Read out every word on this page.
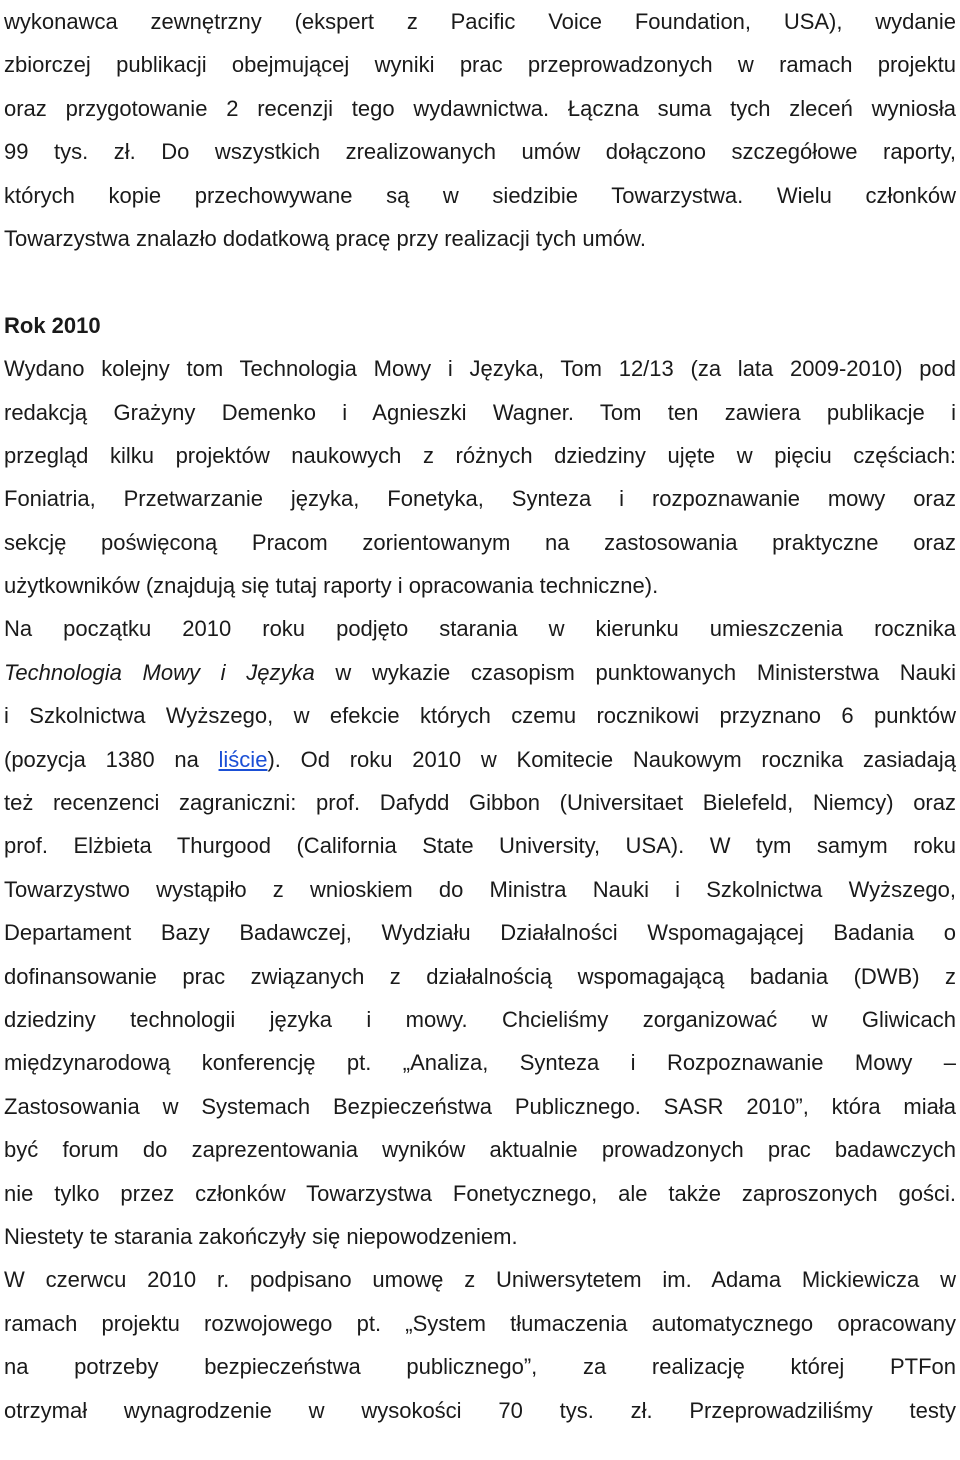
wykonawca zewnętrzny (ekspert z Pacific Voice Foundation, USA), wydanie
zbiorczej publikacji obejmującej wyniki prac przeprowadzonych w ramach projektu
oraz przygotowanie 2 recenzji tego wydawnictwa. Łączna suma tych zleceń wyniosła
99 tys. zł. Do wszystkich zrealizowanych umów dołączono szczegółowe raporty,
których kopie przechowywane są w siedzibie Towarzystwa. Wielu członków
Towarzystwa znalazło dodatkową pracę przy realizacji tych umów.
Rok 2010
Wydano kolejny tom Technologia Mowy i Języka, Tom 12/13 (za lata 2009-2010) pod
redakcją Grażyny Demenko i Agnieszki Wagner. Tom ten zawiera publikacje i
przegląd kilku projektów naukowych z różnych dziedziny ujęte w pięciu częściach:
Foniatria, Przetwarzanie języka, Fonetyka, Synteza i rozpoznawanie mowy oraz
sekcję poświęconą Pracom zorientowanym na zastosowania praktyczne oraz
użytkowników (znajdują się tutaj raporty i opracowania techniczne).
Na początku 2010 roku podjęto starania w kierunku umieszczenia rocznika
Technologia Mowy i Języka w wykazie czasopism punktowanych Ministerstwa Nauki
i Szkolnictwa Wyższego, w efekcie których czemu rocznikowi przyznano 6 punktów
(pozycja 1380 na liście). Od roku 2010 w Komitecie Naukowym rocznika zasiadają
też recenzenci zagraniczni: prof. Dafydd Gibbon (Universitaet Bielefeld, Niemcy) oraz
prof. Elżbieta Thurgood (California State University, USA). W tym samym roku
Towarzystwo wystąpiło z wnioskiem do Ministra Nauki i Szkolnictwa Wyższego,
Departament Bazy Badawczej, Wydziału Działalności Wspomagającej Badania o
dofinansowanie prac związanych z działalnością wspomagającą badania (DWB) z
dziedziny technologii języka i mowy. Chcieliśmy zorganizować w Gliwicach
międzynarodową konferencję pt. „Analiza, Synteza i Rozpoznawanie Mowy –
Zastosowania w Systemach Bezpieczeństwa Publicznego. SASR 2010”, która miała
być forum do zaprezentowania wyników aktualnie prowadzonych prac badawczych
nie tylko przez członków Towarzystwa Fonetycznego, ale także zaproszonych gości.
Niestety te starania zakończyły się niepowodzeniem.
W czerwcu 2010 r. podpisano umowę z Uniwersytetem im. Adama Mickiewicza w
ramach projektu rozwojowego pt. „System tłumaczenia automatycznego opracowany
na potrzeby bezpieczeństwa publicznego”, za realizację której PTFon
otrzymał wynagrodzenie w wysokości 70 tys. zł. Przeprowadziliśmy testy
